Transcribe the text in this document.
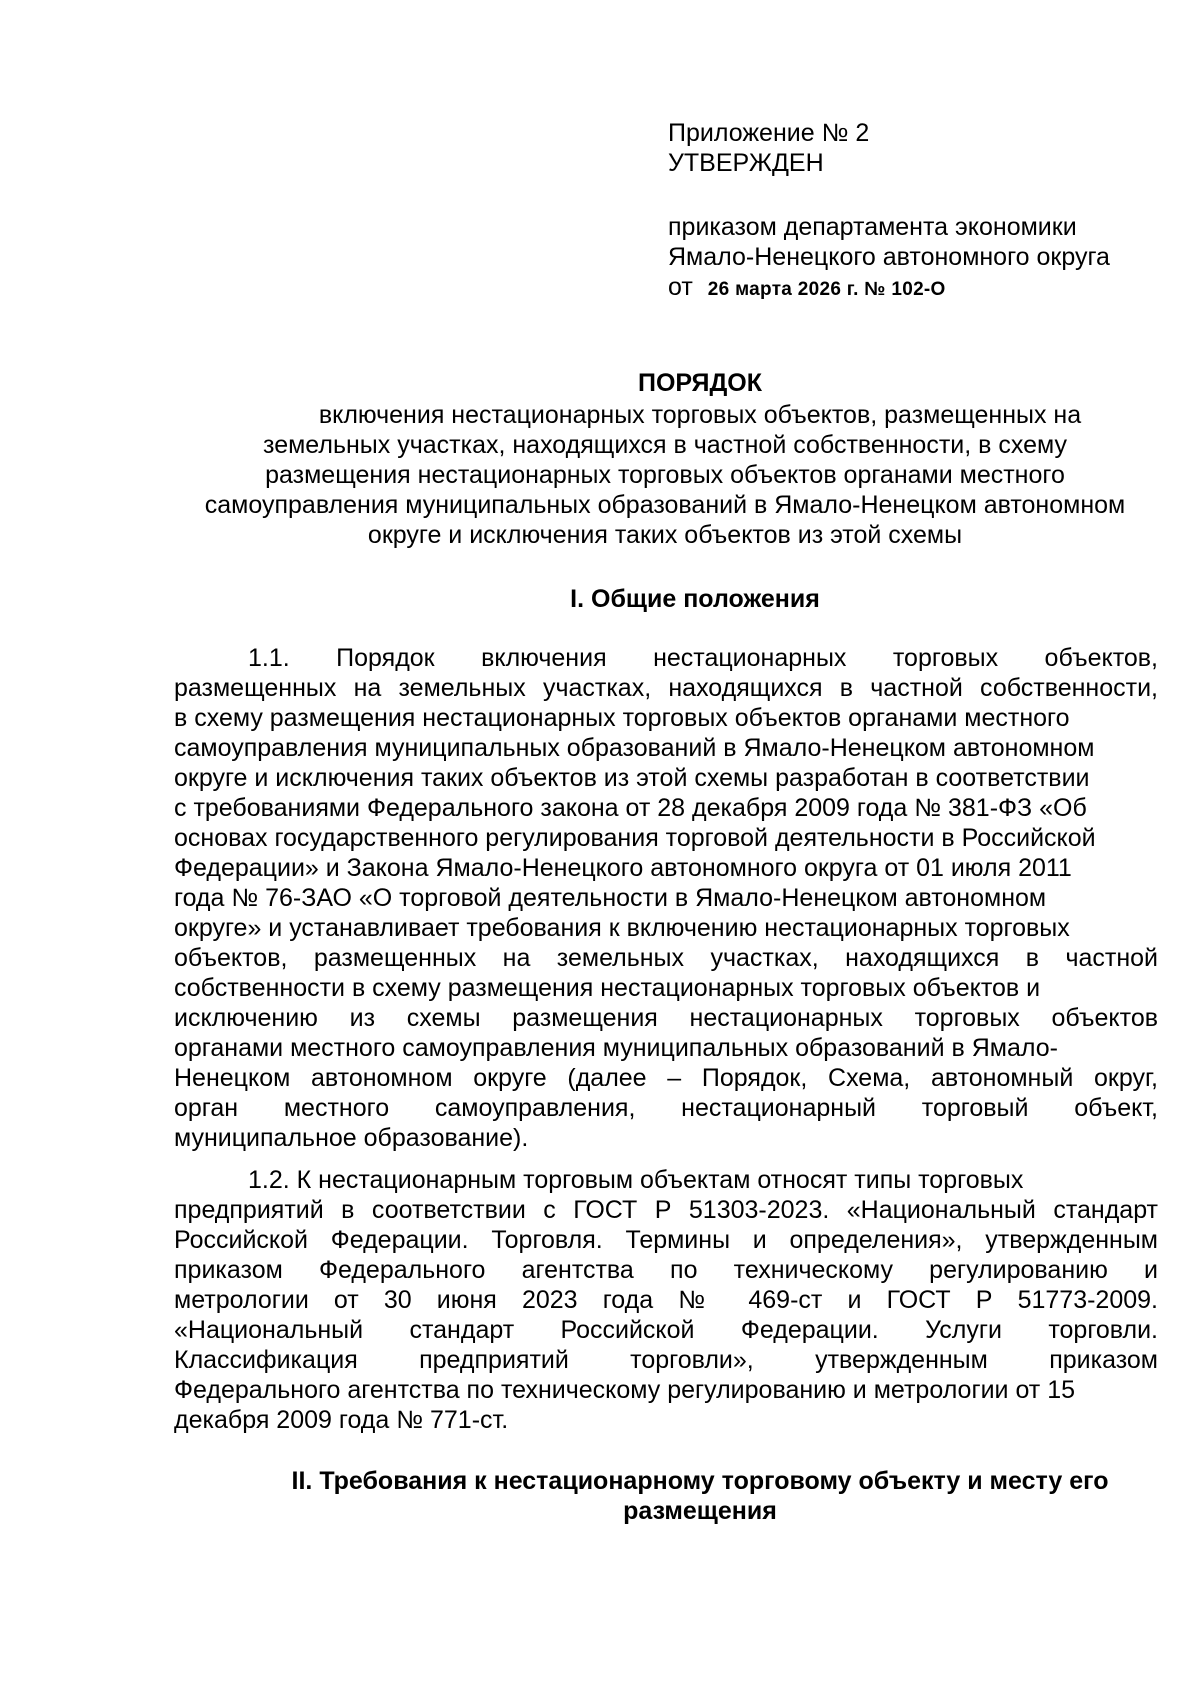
Приложение № 2
УТВЕРЖДЕН
приказом департамента экономики
Ямало-Ненецкого автономного округа
от 26 марта 2026 г. № 102-О
ПОРЯДОК
включения нестационарных торговых объектов, размещенных на
земельных участках, находящихся в частной собственности, в схему
размещения нестационарных торговых объектов органами местного
самоуправления муниципальных образований в Ямало-Ненецком автономном
округе и исключения таких объектов из этой схемы
I. Общие положения
1.1. Порядок включения нестационарных торговых объектов,
размещенных на земельных участках, находящихся в частной собственности,
в схему размещения нестационарных торговых объектов органами местного
самоуправления муниципальных образований в Ямало-Ненецком автономном
округе и исключения таких объектов из этой схемы разработан в соответствии
с требованиями Федерального закона от 28 декабря 2009 года № 381-ФЗ «Об
основах государственного регулирования торговой деятельности в Российской
Федерации» и Закона Ямало-Ненецкого автономного округа от 01 июля 2011
года № 76-ЗАО «О торговой деятельности в Ямало-Ненецком автономном
округе» и устанавливает требования к включению нестационарных торговых
объектов, размещенных на земельных участках, находящихся в частной
собственности в схему размещения нестационарных торговых объектов и
исключению из схемы размещения нестационарных торговых объектов
органами местного самоуправления муниципальных образований в Ямало-
Ненецком автономном округе (далее – Порядок, Схема, автономный округ,
орган местного самоуправления, нестационарный торговый объект,
муниципальное образование).
1.2. К нестационарным торговым объектам относят типы торговых
предприятий в соответствии с ГОСТ Р 51303-2023. «Национальный стандарт
Российской Федерации. Торговля. Термины и определения», утвержденным
приказом Федерального агентства по техническому регулированию и
метрологии от 30 июня 2023 года № 469-ст и ГОСТ Р 51773-2009.
«Национальный стандарт Российской Федерации. Услуги торговли.
Классификация предприятий торговли», утвержденным приказом
Федерального агентства по техническому регулированию и метрологии от 15
декабря 2009 года № 771-ст.
II. Требования к нестационарному торговому объекту и месту его
размещения
